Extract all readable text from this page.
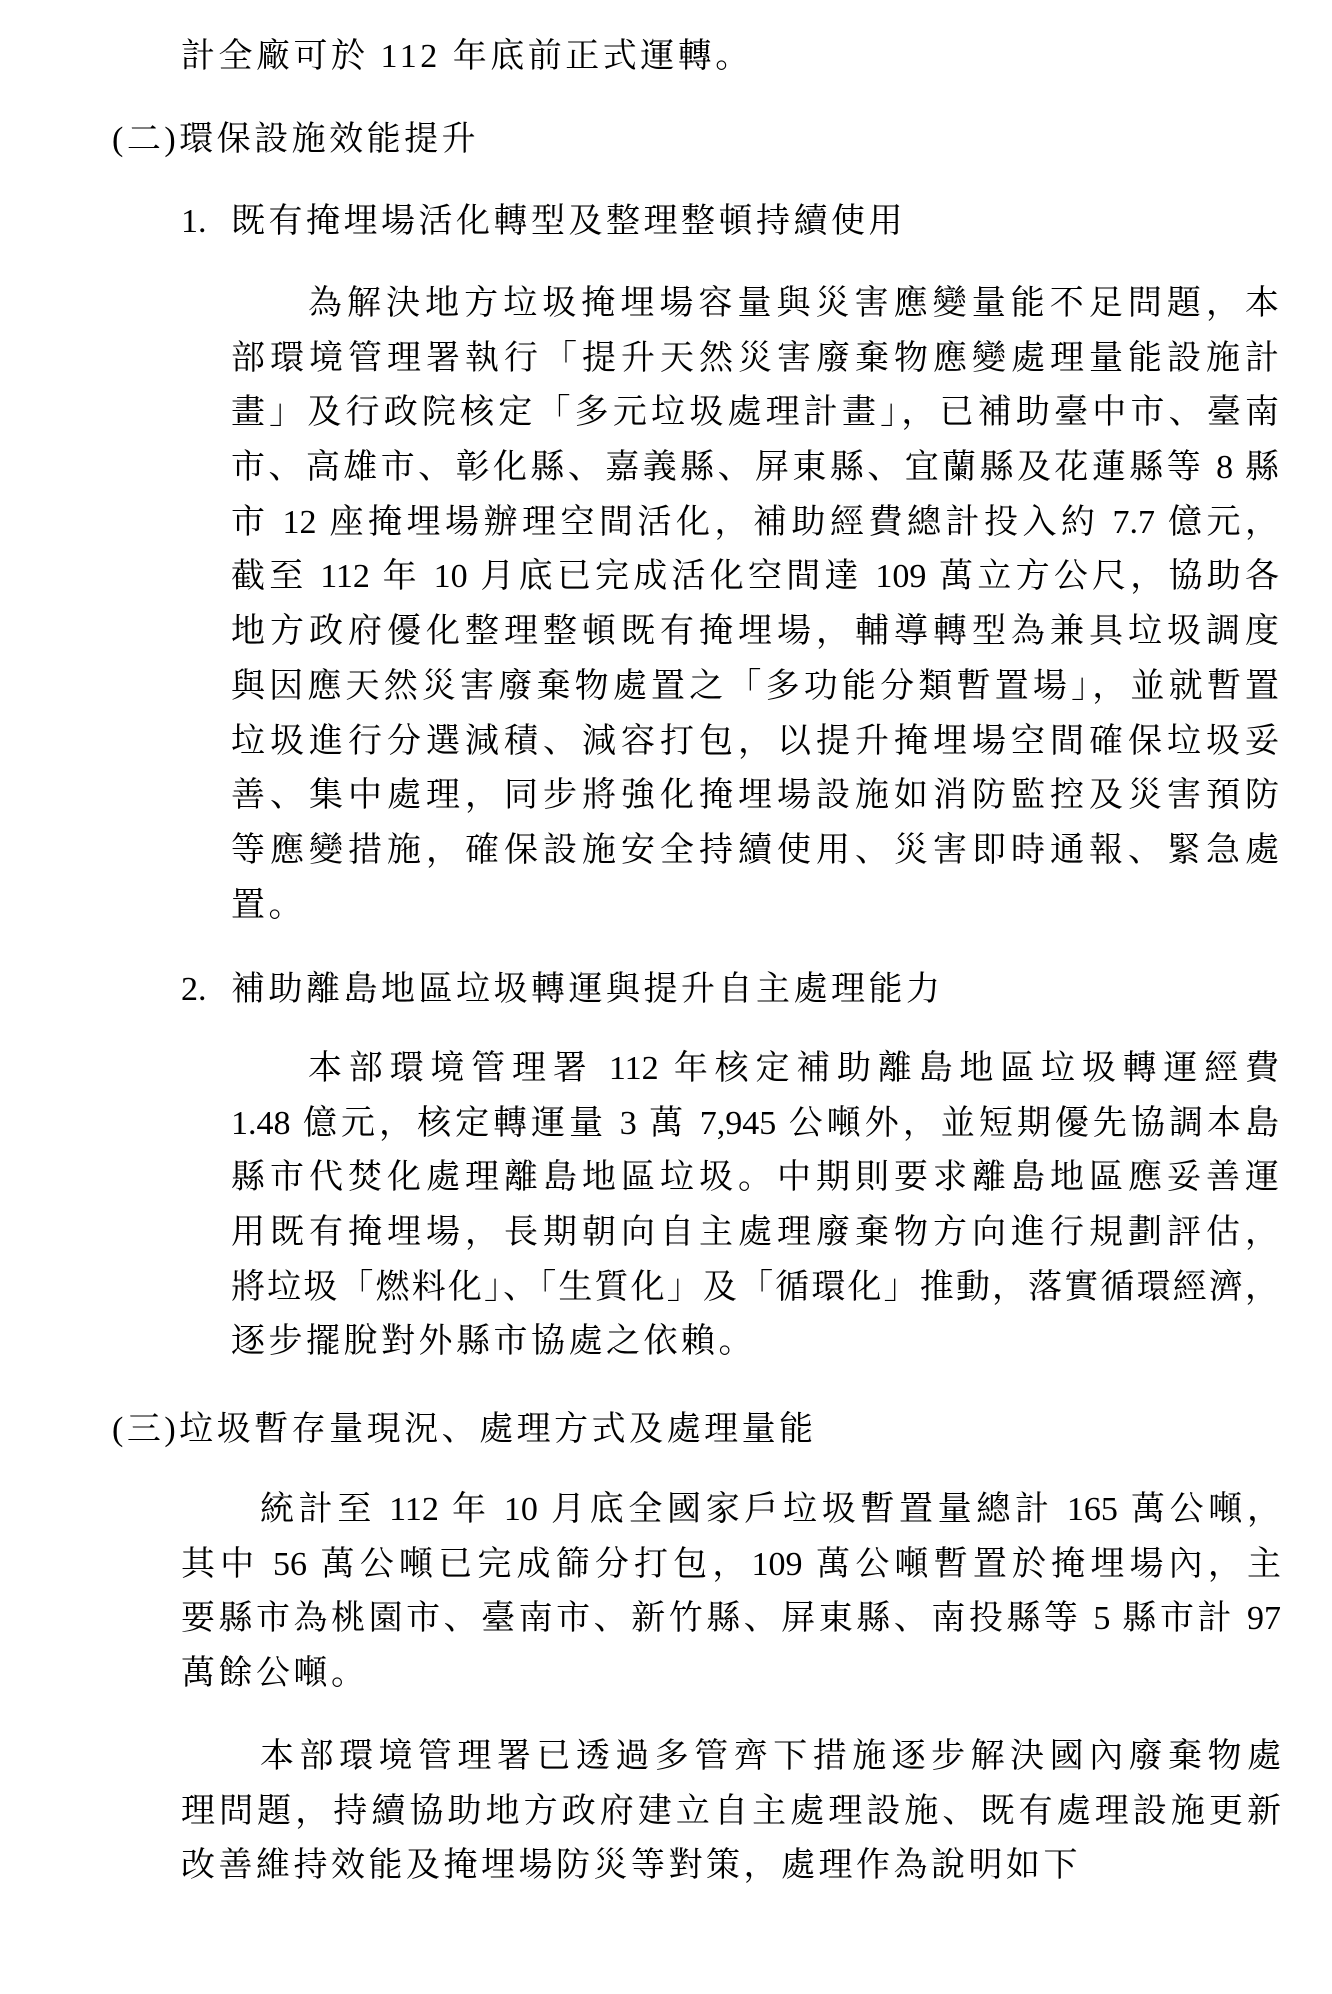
計全廠可於 112 年底前正式運轉。
(二)環保設施效能提升
1. 既有掩埋場活化轉型及整理整頓持續使用
為解決地方垃圾掩埋場容量與災害應變量能不足問題，本
部環境管理署執行「提升天然災害廢棄物應變處理量能設施計
畫」及行政院核定「多元垃圾處理計畫」，已補助臺中市、臺南
市、高雄市、彰化縣、嘉義縣、屏東縣、宜蘭縣及花蓮縣等 8 縣
市 12 座掩埋場辦理空間活化，補助經費總計投入約 7.7 億元，
截至 112 年 10 月底已完成活化空間達 109 萬立方公尺，協助各
地方政府優化整理整頓既有掩埋場，輔導轉型為兼具垃圾調度
與因應天然災害廢棄物處置之「多功能分類暫置場」，並就暫置
垃圾進行分選減積、減容打包，以提升掩埋場空間確保垃圾妥
善、集中處理，同步將強化掩埋場設施如消防監控及災害預防
等應變措施，確保設施安全持續使用、災害即時通報、緊急處
置。
2. 補助離島地區垃圾轉運與提升自主處理能力
本部環境管理署 112 年核定補助離島地區垃圾轉運經費
1.48 億元，核定轉運量 3 萬 7,945 公噸外，並短期優先協調本島
縣市代焚化處理離島地區垃圾。中期則要求離島地區應妥善運
用既有掩埋場，長期朝向自主處理廢棄物方向進行規劃評估，
將垃圾「燃料化」、「生質化」及「循環化」推動，落實循環經濟，
逐步擺脫對外縣市協處之依賴。
(三)垃圾暫存量現況、處理方式及處理量能
統計至 112 年 10 月底全國家戶垃圾暫置量總計 165 萬公噸，
其中 56 萬公噸已完成篩分打包，109 萬公噸暫置於掩埋場內，主
要縣市為桃園市、臺南市、新竹縣、屏東縣、南投縣等 5 縣市計 97
萬餘公噸。
本部環境管理署已透過多管齊下措施逐步解決國內廢棄物處
理問題，持續協助地方政府建立自主處理設施、既有處理設施更新
改善維持效能及掩埋場防災等對策，處理作為說明如下
